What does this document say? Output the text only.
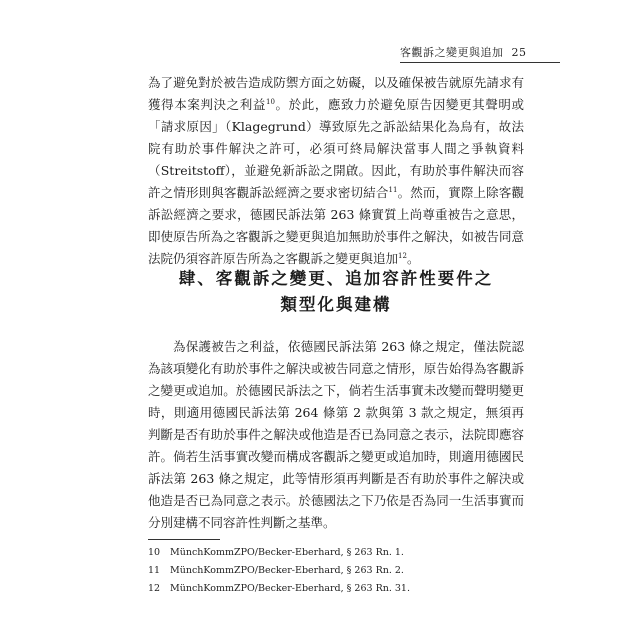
客觀訴之變更與追加 25

為了避免對於被告造成防禦方面之妨礙，以及確保被告就原先請求有獲得本案判決之利益$^{10}$。於此，應致力於避免原告因變更其聲明或「請求原因」（Klagegrund）導致原先之訴訟結果化為烏有，故法院有助於事件解決之許可，必須可終局解決當事人間之爭執資料（Streitstoff），並避免新訴訟之開啟。因此，有助於事件解決而容許之情形則與客觀訴訟經濟之要求密切結合$^{11}$。然而，實際上除客觀訴訟經濟之要求，德國民訴法第 263 條實質上尚尊重被告之意思，即使原告所為之客觀訴之變更與追加無助於事件之解決，如被告同意法院仍須容許原告所為之客觀訴之變更與追加$^{12}$。

肆、客觀訴之變更、追加容許性要件之
類型化與建構

為保護被告之利益，依德國民訴法第 263 條之規定，僅法院認為該項變化有助於事件之解決或被告同意之情形，原告始得為客觀訴之變更或追加。於德國民訴法之下，倘若生活事實未改變而聲明變更時，則適用德國民訴法第 264 條第 2 款與第 3 款之規定，無須再判斷是否有助於事件之解決或他造是否已為同意之表示，法院即應容許。倘若生活事實改變而構成客觀訴之變更或追加時，則適用德國民訴法第 263 條之規定，此等情形須再判斷是否有助於事件之解決或他造是否已為同意之表示。於德國法之下乃依是否為同一生活事實而分別建構不同容許性判斷之基準。

10 MünchKommZPO/Becker-Eberhard, § 263 Rn. 1.

11 MünchKommZPO/Becker-Eberhard, § 263 Rn. 2.

12 MünchKommZPO/Becker-Eberhard, § 263 Rn. 31.
